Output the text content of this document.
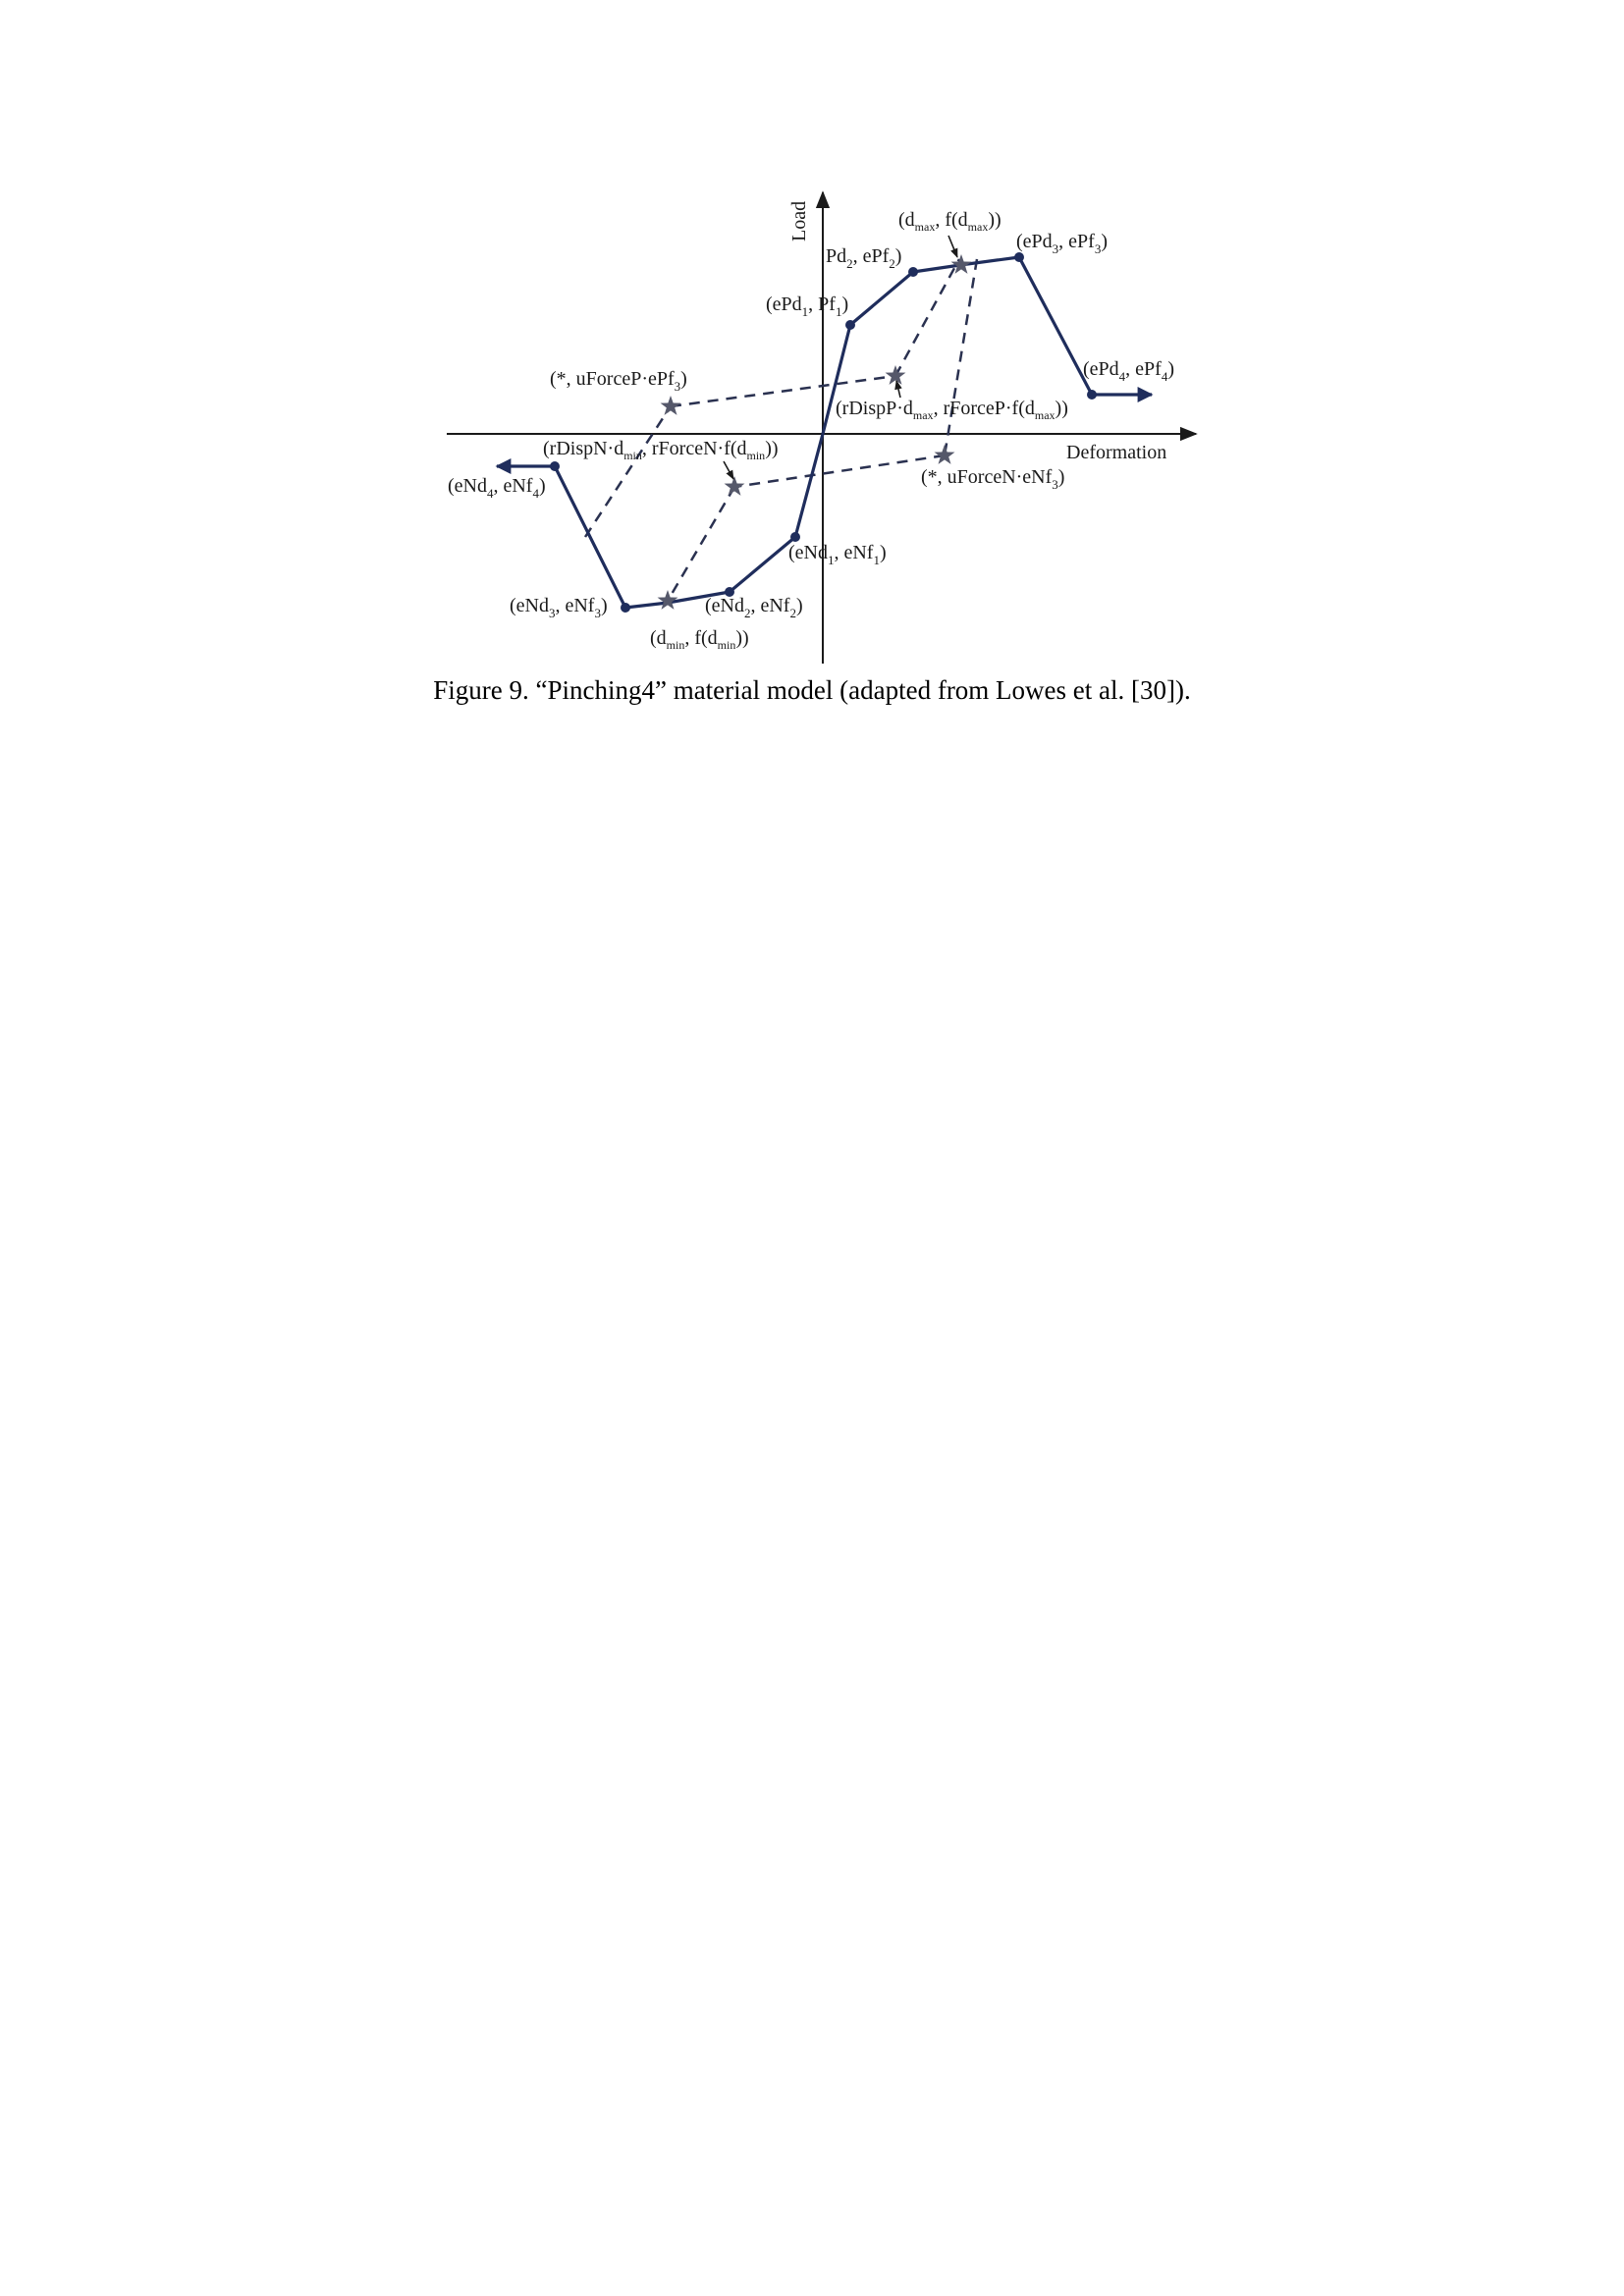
Load
Deformation
(ePd$_1$, $Pf_1$)
$Pd_2$, ePf$_2$)
($d_{max}$, $f(d_{max})$)
(ePd$_3$, ePf$_3$)
(ePd$_4$, ePf$_4$)
(*, uForceP·ePf$_3$)
($rDispP\cdot d_{max}$, $rForceP\cdot f(d_{max})$)
($rDispN\cdot d_{min}$, $rForceN\cdot f(d_{min})$)
(eNd$_4$, eNf$_4$)	(*, uForceN·eNf$_3$)
(eNd$_1$, eNf$_1$)
(eNd$_3$, eNf$_3$)	(eNd$_2$, eNf$_2$)
($d_{min}$, $f(d_{min})$)
Figure 9. “Pinching4” material model (adapted from Lowes et al. [30]).
